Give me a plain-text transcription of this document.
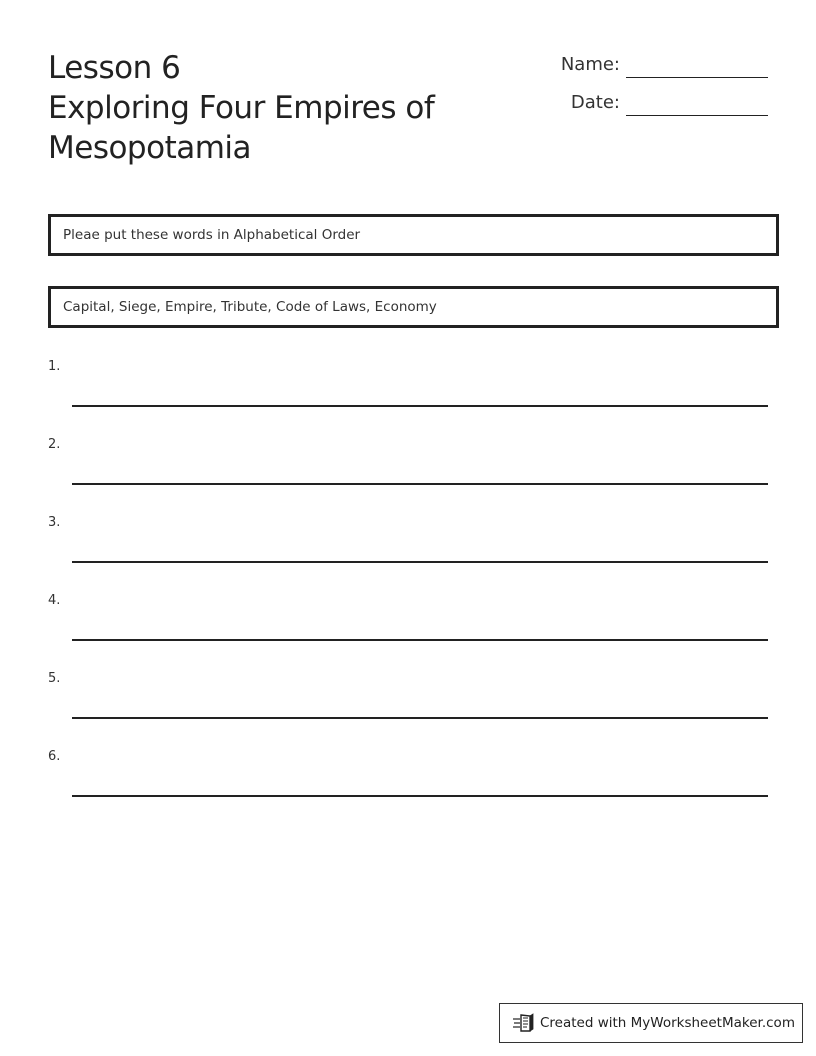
Lesson 6
Exploring Four Empires of
Mesopotamia
Name:
Date:
Pleae put these words in Alphabetical Order
Capital, Siege, Empire, Tribute, Code of Laws, Economy
1.
2.
3.
4.
5.
6.
Created with MyWorksheetMaker.com
